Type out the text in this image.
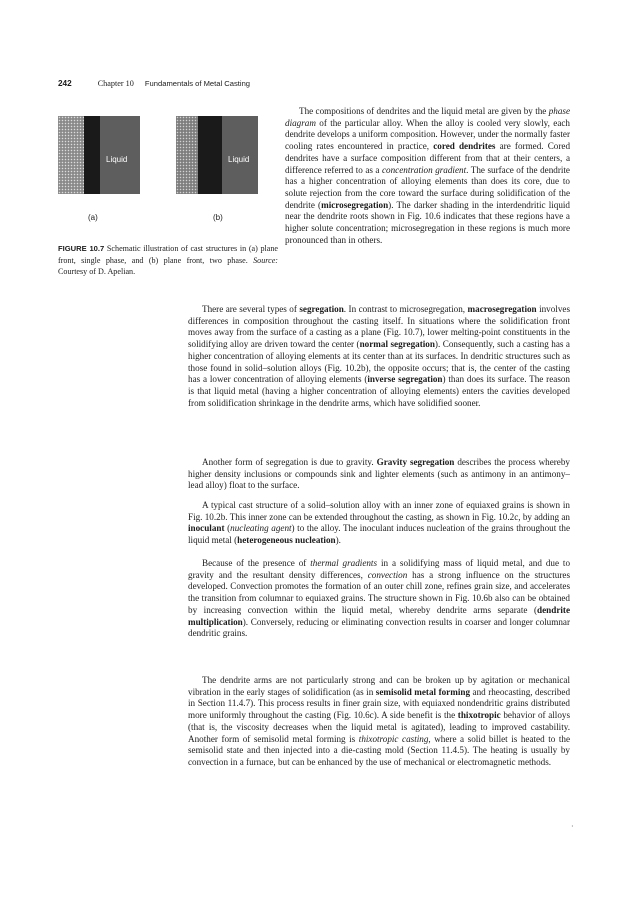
242	Chapter 10 Fundamentals of Metal Casting
Liquid
(a)
Liquid
(b)
FIGURE 10.7 Schematic illustration of cast structures in (a) plane front, single phase, and (b) plane front, two phase. Source: Courtesy of D. Apelian.

The compositions of dendrites and the liquid metal are given by the phase diagram of the particular alloy. When the alloy is cooled very slowly, each dendrite develops a uniform composition. However, under the normally faster cooling rates encountered in practice, cored dendrites are formed. Cored dendrites have a surface composition different from that at their centers, a difference referred to as a concentration gradient. The surface of the dendrite has a higher concentration of alloying elements than does its core, due to solute rejection from the core toward the surface during solidification of the dendrite (microsegregation). The darker shading in the interdendritic liquid near the dendrite roots shown in Fig. 10.6 indicates that these regions have a higher solute concentration; microsegregation in these regions is much more pronounced than in others.

There are several types of segregation. In contrast to microsegregation, macrosegregation involves differences in composition throughout the casting itself. In situations where the solidification front moves away from the surface of a casting as a plane (Fig. 10.7), lower melting-point constituents in the solidifying alloy are driven toward the center (normal segregation). Consequently, such a casting has a higher concentration of alloying elements at its center than at its surfaces. In dendritic structures such as those found in solid–solution alloys (Fig. 10.2b), the opposite occurs; that is, the center of the casting has a lower concentration of alloying elements (inverse segregation) than does its surface. The reason is that liquid metal (having a higher concentration of alloying elements) enters the cavities developed from solidification shrinkage in the dendrite arms, which have solidified sooner.

Another form of segregation is due to gravity. Gravity segregation describes the process whereby higher density inclusions or compounds sink and lighter elements (such as antimony in an antimony–lead alloy) float to the surface.

A typical cast structure of a solid–solution alloy with an inner zone of equiaxed grains is shown in Fig. 10.2b. This inner zone can be extended throughout the casting, as shown in Fig. 10.2c, by adding an inoculant (nucleating agent) to the alloy. The inoculant induces nucleation of the grains throughout the liquid metal (heterogeneous nucleation).

Because of the presence of thermal gradients in a solidifying mass of liquid metal, and due to gravity and the resultant density differences, convection has a strong influence on the structures developed. Convection promotes the formation of an outer chill zone, refines grain size, and accelerates the transition from columnar to equiaxed grains. The structure shown in Fig. 10.6b also can be obtained by increasing convection within the liquid metal, whereby dendrite arms separate (dendrite multiplication). Conversely, reducing or eliminating convection results in coarser and longer columnar dendritic grains.

The dendrite arms are not particularly strong and can be broken up by agitation or mechanical vibration in the early stages of solidification (as in semisolid metal forming and rheocasting, described in Section 11.4.7). This process results in finer grain size, with equiaxed nondendritic grains distributed more uniformly throughout the casting (Fig. 10.6c). A side benefit is the thixotropic behavior of alloys (that is, the viscosity decreases when the liquid metal is agitated), leading to improved castability. Another form of semisolid metal forming is thixotropic casting, where a solid billet is heated to the semisolid state and then injected into a die-casting mold (Section 11.4.5). The heating is usually by convection in a furnace, but can be enhanced by the use of mechanical or electromagnetic methods.

·
